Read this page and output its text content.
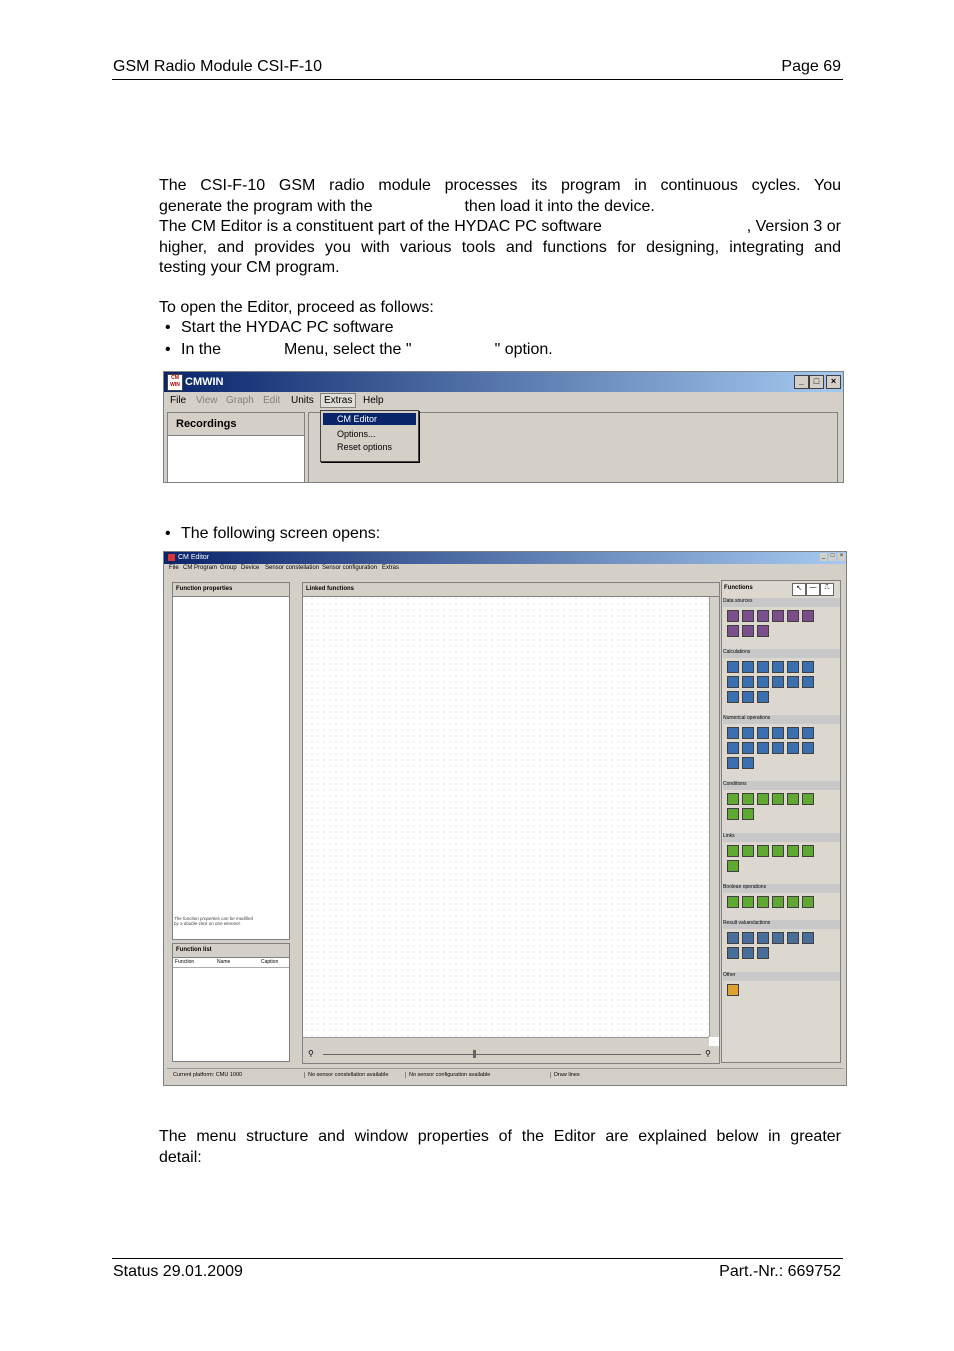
GSM Radio Module CSI-F-10	Page 69
The CSI-F-10 GSM radio module processes its program in continuous cycles. You
generate the program with the	then load it into the device.
The CM Editor is a constituent part of the HYDAC PC software	, Version 3 or
higher, and provides you with various tools and functions for designing, integrating and
testing your CM program.
To open the Editor, proceed as follows:
• Start the HYDAC PC software
• In the	Menu, select the "	" option.
CM WIN CMWIN	_	□	×
File View Graph Edit Units	Extras	Help
Recordings	CM Editor
Options...
Reset options
• The following screen opens:
CM Editor	_ □ ×
File CM Program Group Device Sensor constellation Sensor configuration Extras
Function properties
The function properties can be modified
by a double-click on one element.
Function list
Function	Name	Caption
Linked functions
⚲	⚲
Functions	↖	—	⎍
Current platform: CMU 1000	No sensor constellation available	No sensor configuration available	Draw lines
Data sources
Calculations
Numerical operations
Conditions
Links
Boolean operations
Result values/actions
Other
The menu structure and window properties of the Editor are explained below in greater
detail:
Status 29.01.2009	Part.-Nr.: 669752
